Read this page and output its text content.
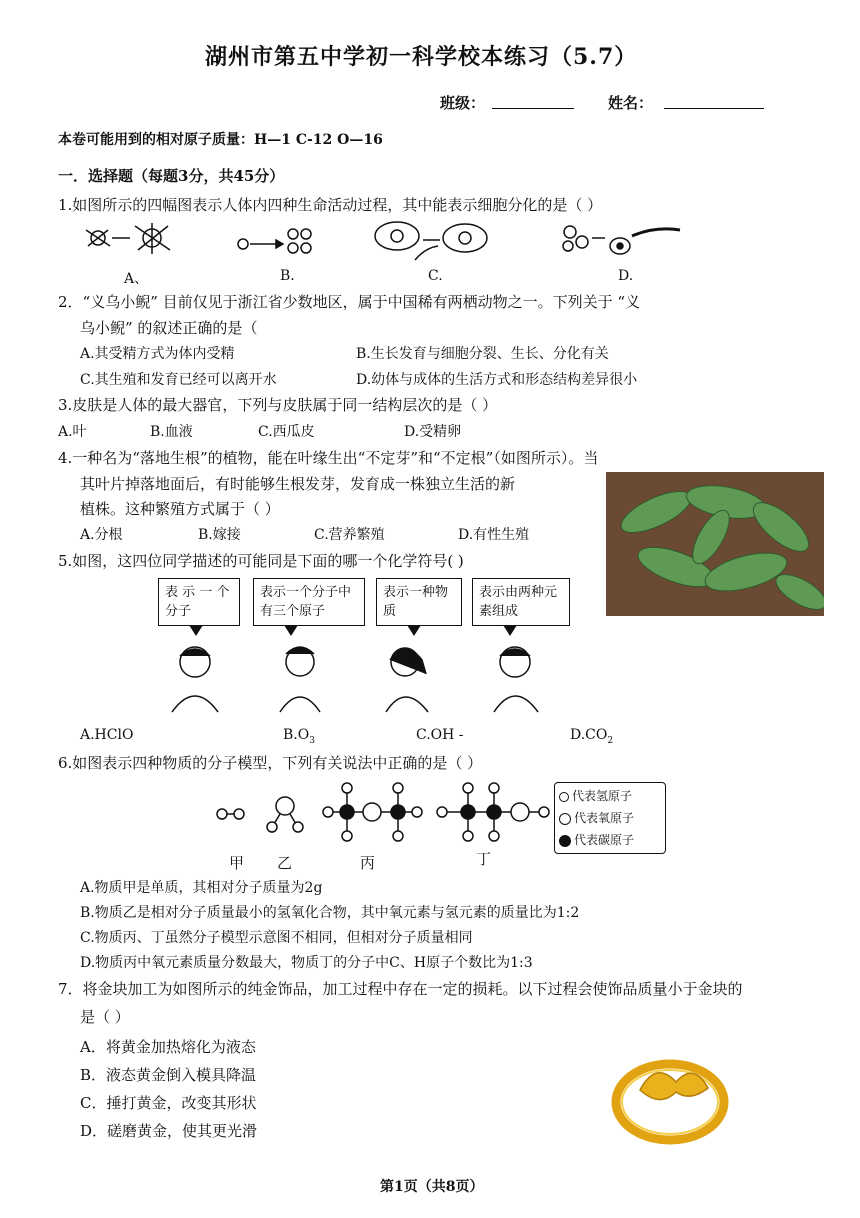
湖州市第五中学初一科学校本练习（5.7）
班级：	姓名：
本卷可能用到的相对原子质量：H—1 C-12 O—16
一．选择题（每题3分，共45分）
1.如图所示的四幅图表示人体内四种生命活动过程，其中能表示细胞分化的是（ ）
A、	B.	C.	D.
2．“义乌小鲵” 目前仅见于浙江省少数地区，属于中国稀有两栖动物之一。下列关于 “义
乌小鲵” 的叙述正确的是（
A.其受精方式为体内受精	B.生长发育与细胞分裂、生长、分化有关
C.其生殖和发育已经可以离开水	D.幼体与成体的生活方式和形态结构差异很小
3.皮肤是人体的最大器官，下列与皮肤属于同一结构层次的是（ ）
A.叶	B.血液	C.西瓜皮	D.受精卵
4.一种名为“落地生根”的植物，能在叶缘生出“不定芽”和“不定根”（如图所示）。当
其叶片掉落地面后，有时能够生根发芽，发育成一株独立生活的新
植株。这种繁殖方式属于（ ）
A.分根	B.嫁接	C.营养繁殖	D.有性生殖
5.如图，这四位同学描述的可能同是下面的哪一个化学符号( )
表 示 一 个分子
表示一个分子中有三个原子
表示一种物质
表示由两种元素组成
A.HClO	$B.O_3$	C.OH -	$D.CO_2$
6.如图表示四种物质的分子模型，下列有关说法中正确的是（ ）
甲 乙	丙	丁
代表氢原子
代表氧原子
代表碳原子
A.物质甲是单质，其相对分子质量为2g
B.物质乙是相对分子质量最小的氢氧化合物，其中氧元素与氢元素的质量比为1:2
C.物质丙、丁虽然分子模型示意图不相同，但相对分子质量相同
D.物质丙中氧元素质量分数最大，物质丁的分子中C、H原子个数比为1:3
7．将金块加工为如图所示的纯金饰品，加工过程中存在一定的损耗。以下过程会使饰品质量小于金块的
是（ ）
A．将黄金加热熔化为液态
B．液态黄金倒入模具降温
C．捶打黄金，改变其形状
D．磋磨黄金，使其更光滑
第1页（共8页）
